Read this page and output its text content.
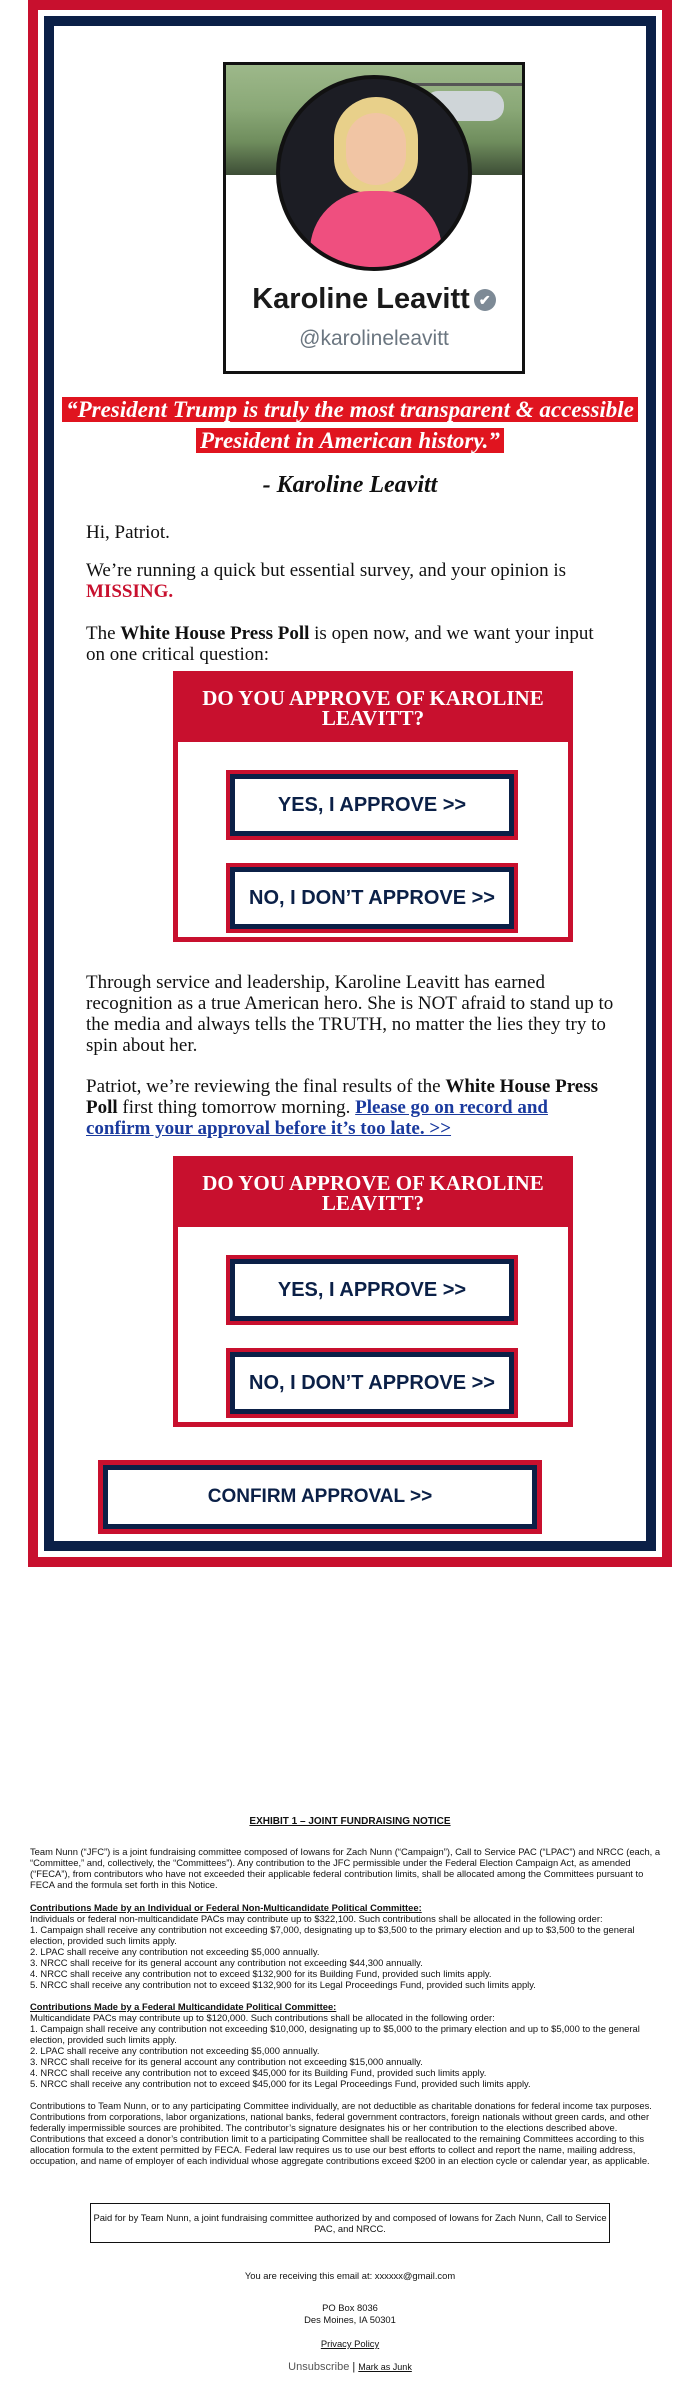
Karoline Leavitt ✔
@karolineleavitt
“President Trump is truly the most transparent & accessible President in American history.”
- Karoline Leavitt
Hi, Patriot.
We’re running a quick but essential survey, and your opinion is MISSING.
The White House Press Poll is open now, and we want your input on one critical question:
DO YOU APPROVE OF KAROLINE LEAVITT?
YES, I APPROVE >>
NO, I DON’T APPROVE >>
Through service and leadership, Karoline Leavitt has earned recognition as a true American hero. She is NOT afraid to stand up to the media and always tells the TRUTH, no matter the lies they try to spin about her.
Patriot, we’re reviewing the final results of the White House Press Poll first thing tomorrow morning. Please go on record and confirm your approval before it’s too late. >>
DO YOU APPROVE OF KAROLINE LEAVITT?
YES, I APPROVE >>
NO, I DON’T APPROVE >>
CONFIRM APPROVAL >>
EXHIBIT 1 – JOINT FUNDRAISING NOTICE
Team Nunn (“JFC”) is a joint fundraising committee composed of Iowans for Zach Nunn (“Campaign”), Call to Service PAC (“LPAC”) and NRCC (each, a “Committee,” and, collectively, the “Committees”). Any contribution to the JFC permissible under the Federal Election Campaign Act, as amended (“FECA”), from contributors who have not exceeded their applicable federal contribution limits, shall be allocated among the Committees pursuant to FECA and the formula set forth in this Notice.
Contributions Made by an Individual or Federal Non-Multicandidate Political Committee:
Individuals or federal non-multicandidate PACs may contribute up to $322,100. Such contributions shall be allocated in the following order:
1. Campaign shall receive any contribution not exceeding $7,000, designating up to $3,500 to the primary election and up to $3,500 to the general election, provided such limits apply.
2. LPAC shall receive any contribution not exceeding $5,000 annually.
3. NRCC shall receive for its general account any contribution not exceeding $44,300 annually.
4. NRCC shall receive any contribution not to exceed $132,900 for its Building Fund, provided such limits apply.
5. NRCC shall receive any contribution not to exceed $132,900 for its Legal Proceedings Fund, provided such limits apply.
Contributions Made by a Federal Multicandidate Political Committee:
Multicandidate PACs may contribute up to $120,000. Such contributions shall be allocated in the following order:
1. Campaign shall receive any contribution not exceeding $10,000, designating up to $5,000 to the primary election and up to $5,000 to the general election, provided such limits apply.
2. LPAC shall receive any contribution not exceeding $5,000 annually.
3. NRCC shall receive for its general account any contribution not exceeding $15,000 annually.
4. NRCC shall receive any contribution not to exceed $45,000 for its Building Fund, provided such limits apply.
5. NRCC shall receive any contribution not to exceed $45,000 for its Legal Proceedings Fund, provided such limits apply.
Contributions to Team Nunn, or to any participating Committee individually, are not deductible as charitable donations for federal income tax purposes. Contributions from corporations, labor organizations, national banks, federal government contractors, foreign nationals without green cards, and other federally impermissible sources are prohibited. The contributor’s signature designates his or her contribution to the elections described above. Contributions that exceed a donor’s contribution limit to a participating Committee shall be reallocated to the remaining Committees according to this allocation formula to the extent permitted by FECA. Federal law requires us to use our best efforts to collect and report the name, mailing address, occupation, and name of employer of each individual whose aggregate contributions exceed $200 in an election cycle or calendar year, as applicable.
Paid for by Team Nunn, a joint fundraising committee authorized by and composed of Iowans for Zach Nunn, Call to Service PAC, and NRCC.
You are receiving this email at: xxxxxx@gmail.com
PO Box 8036
Des Moines, IA 50301
Privacy Policy
Unsubscribe | Mark as Junk
